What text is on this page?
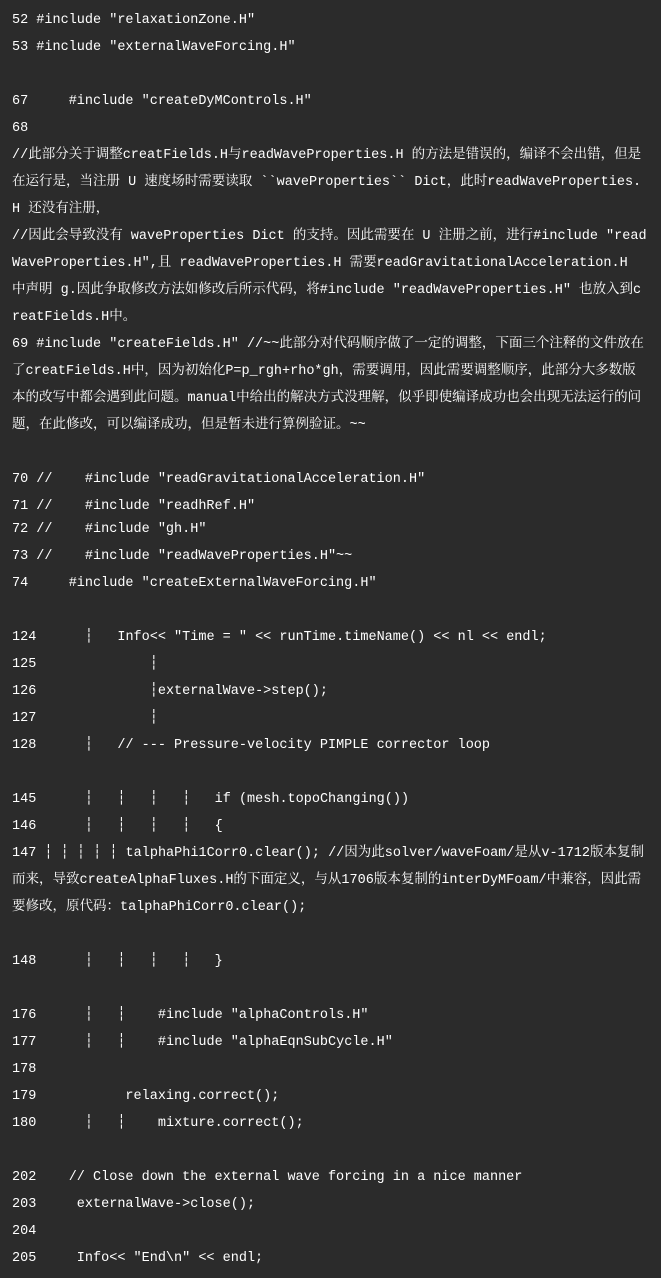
52 #include "relaxationZone.H"
53 #include "externalWaveForcing.H"
67     #include "createDyMControls.H"
68
//此部分关于调整creatFields.H与readWaveProperties.H 的方法是错误的，编译不会出错，但是在运行是，当注册 U 速度场时需要读取 ``waveProperties`` Dict，此时readWaveProperties.H 还没有注册，
//因此会导致没有 waveProperties Dict 的支持。因此需要在 U 注册之前，进行#include "readWaveProperties.H",且 readWaveProperties.H 需要readGravitationalAcceleration.H 中声明 g.因此争取修改方法如修改后所示代码，将#include "readWaveProperties.H" 也放入到creatFields.H中。
69 #include "createFields.H" //~~此部分对代码顺序做了一定的调整，下面三个注释的文件放在了creatFields.H中，因为初始化P=p_rgh+rho*gh，需要调用，因此需要调整顺序，此部分大多数版本的改写中都会遇到此问题。manual中给出的解决方式没理解，似乎即使编译成功也会出现无法运行的问题，在此修改，可以编译成功，但是暂未进行算例验证。~~
70 //    #include "readGravitationalAcceleration.H"
71 //    #include "readhRef.H"
72 //    #include "gh.H"
73 //    #include "readWaveProperties.H"~~
74     #include "createExternalWaveForcing.H"
124      ┆   Info<< "Time = " << runTime.timeName() << nl << endl;
125              ┆
126              ┆externalWave->step();
127              ┆
128      ┆   // --- Pressure-velocity PIMPLE corrector loop
145      ┆   ┆   ┆   ┆   if (mesh.topoChanging())
146      ┆   ┆   ┆   ┆   {
147 ┆ ┆ ┆ ┆ ┆ talphaPhi1Corr0.clear(); //因为此solver/waveFoam/是从v-1712版本复制而来，导致createAlphaFluxes.H的下面定义，与从1706版本复制的interDyMFoam/中兼容，因此需要修改，原代码：talphaPhiCorr0.clear();
148      ┆   ┆   ┆   ┆   }
176      ┆   ┆    #include "alphaControls.H"
177      ┆   ┆    #include "alphaEqnSubCycle.H"
178
179           relaxing.correct();
180      ┆   ┆    mixture.correct();
202    // Close down the external wave forcing in a nice manner
203     externalWave->close();
204
205     Info<< "End\n" << endl;
